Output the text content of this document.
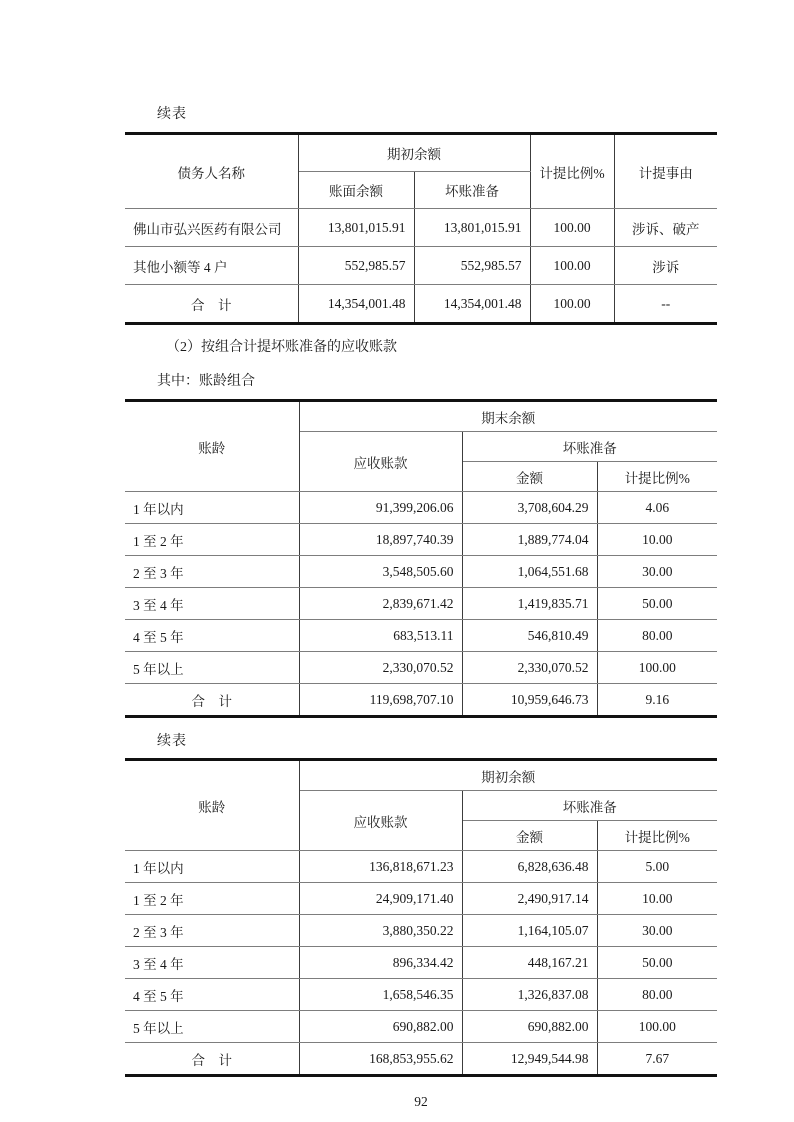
续表
债务人名称	期初余额		计提比例%	计提事由
	账面余额	坏账准备		
佛山市弘兴医药有限公司	13,801,015.91	13,801,015.91	100.00	涉诉、破产
其他小额等 4 户	552,985.57	552,985.57	100.00	涉诉
合　计	14,354,001.48	14,354,001.48	100.00	--
（2）按组合计提坏账准备的应收账款
其中：账龄组合
账龄	期末余额		
	应收账款	坏账准备	
		金额	计提比例%
1 年以内	91,399,206.06	3,708,604.29	4.06
1 至 2 年	18,897,740.39	1,889,774.04	10.00
2 至 3 年	3,548,505.60	1,064,551.68	30.00
3 至 4 年	2,839,671.42	1,419,835.71	50.00
4 至 5 年	683,513.11	546,810.49	80.00
5 年以上	2,330,070.52	2,330,070.52	100.00
合　计	119,698,707.10	10,959,646.73	9.16
续表
账龄	期初余额		
	应收账款	坏账准备	
		金额	计提比例%
1 年以内	136,818,671.23	6,828,636.48	5.00
1 至 2 年	24,909,171.40	2,490,917.14	10.00
2 至 3 年	3,880,350.22	1,164,105.07	30.00
3 至 4 年	896,334.42	448,167.21	50.00
4 至 5 年	1,658,546.35	1,326,837.08	80.00
5 年以上	690,882.00	690,882.00	100.00
合　计	168,853,955.62	12,949,544.98	7.67
92
